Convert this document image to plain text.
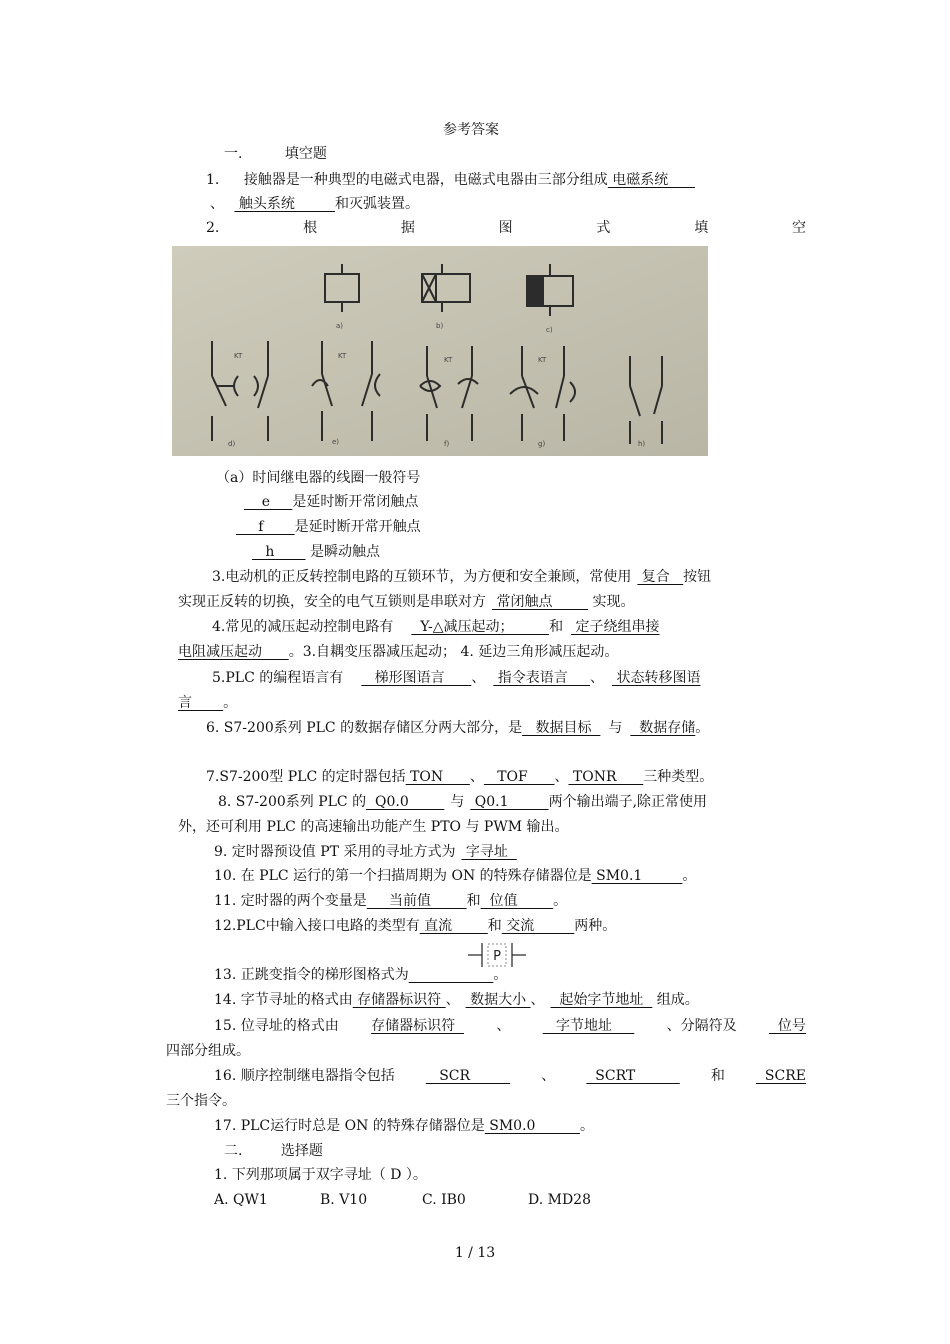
参考答案
一.	填空题
1. 接触器是一种典型的电磁式电器，电磁式电器由三部分组成 电磁系统
、  触头系统         和灭弧装置。
2.	根	据	图	式	填	空
a)	b)	c)
d)	e)	f)	g)	h)
KT	KT	KT	KT
（a）时间继电器的线圈一般符号
e     是延时断开常闭触点
f       是延时断开常开触点
h        是瞬动触点
3.电动机的正反转控制电路的互锁环节，为方便和安全兼顾，常使用 复合   按钮
实现正反转的切换，安全的电气互锁则是串联对方 常闭触点         实现。
4.常见的减压起动控制电路有  Y-△减压起动；        和 定子绕组串接
电阻减压起动      。3.自耦变压器减压起动； 4. 延边三角形减压起动。
5.PLC 的编程语言有   梯形图语言      、 指令表语言     、 状态转移图语
言       。
6. S7-200系列 PLC 的数据存储区分两大部分，是   数据目标  与  数据存储。
7.S7-200型 PLC 的定时器包括 TON      、   TOF      、 TONR      三种类型。
8. S7-200系列 PLC 的  Q0.0        与 Q0.1         两个输出端子,除正常使用
外，还可利用 PLC 的高速输出功能产生 PTO 与 PWM 输出。
9. 定时器预设值 PT 采用的寻址方式为 字寻址
10. 在 PLC 运行的第一个扫描周期为 ON 的特殊存储器位是 SM0.1         。
11. 定时器的两个变量是     当前值        和  位值        。
12.PLC中输入接口电路的类型有 直流        和 交流         两种。
P
13. 正跳变指令的梯形图格式为	。
14. 字节寻址的格式由 存储器标识符 、 数据大小 、  起始字节地址   组成。
15. 位寻址的格式由 存储器标识符 、 字节地址 、分隔符及 位号
四部分组成。
16. 顺序控制继电器指令包括 SCR 、 SCRT 和 SCRE
三个指令。
17. PLC运行时总是 ON 的特殊存储器位是 SM0.0          。
二.	选择题
1. 下列那项属于双字寻址（ D ）。
A. QW1	B. V10	C. IB0	D. MD28
1 / 13
